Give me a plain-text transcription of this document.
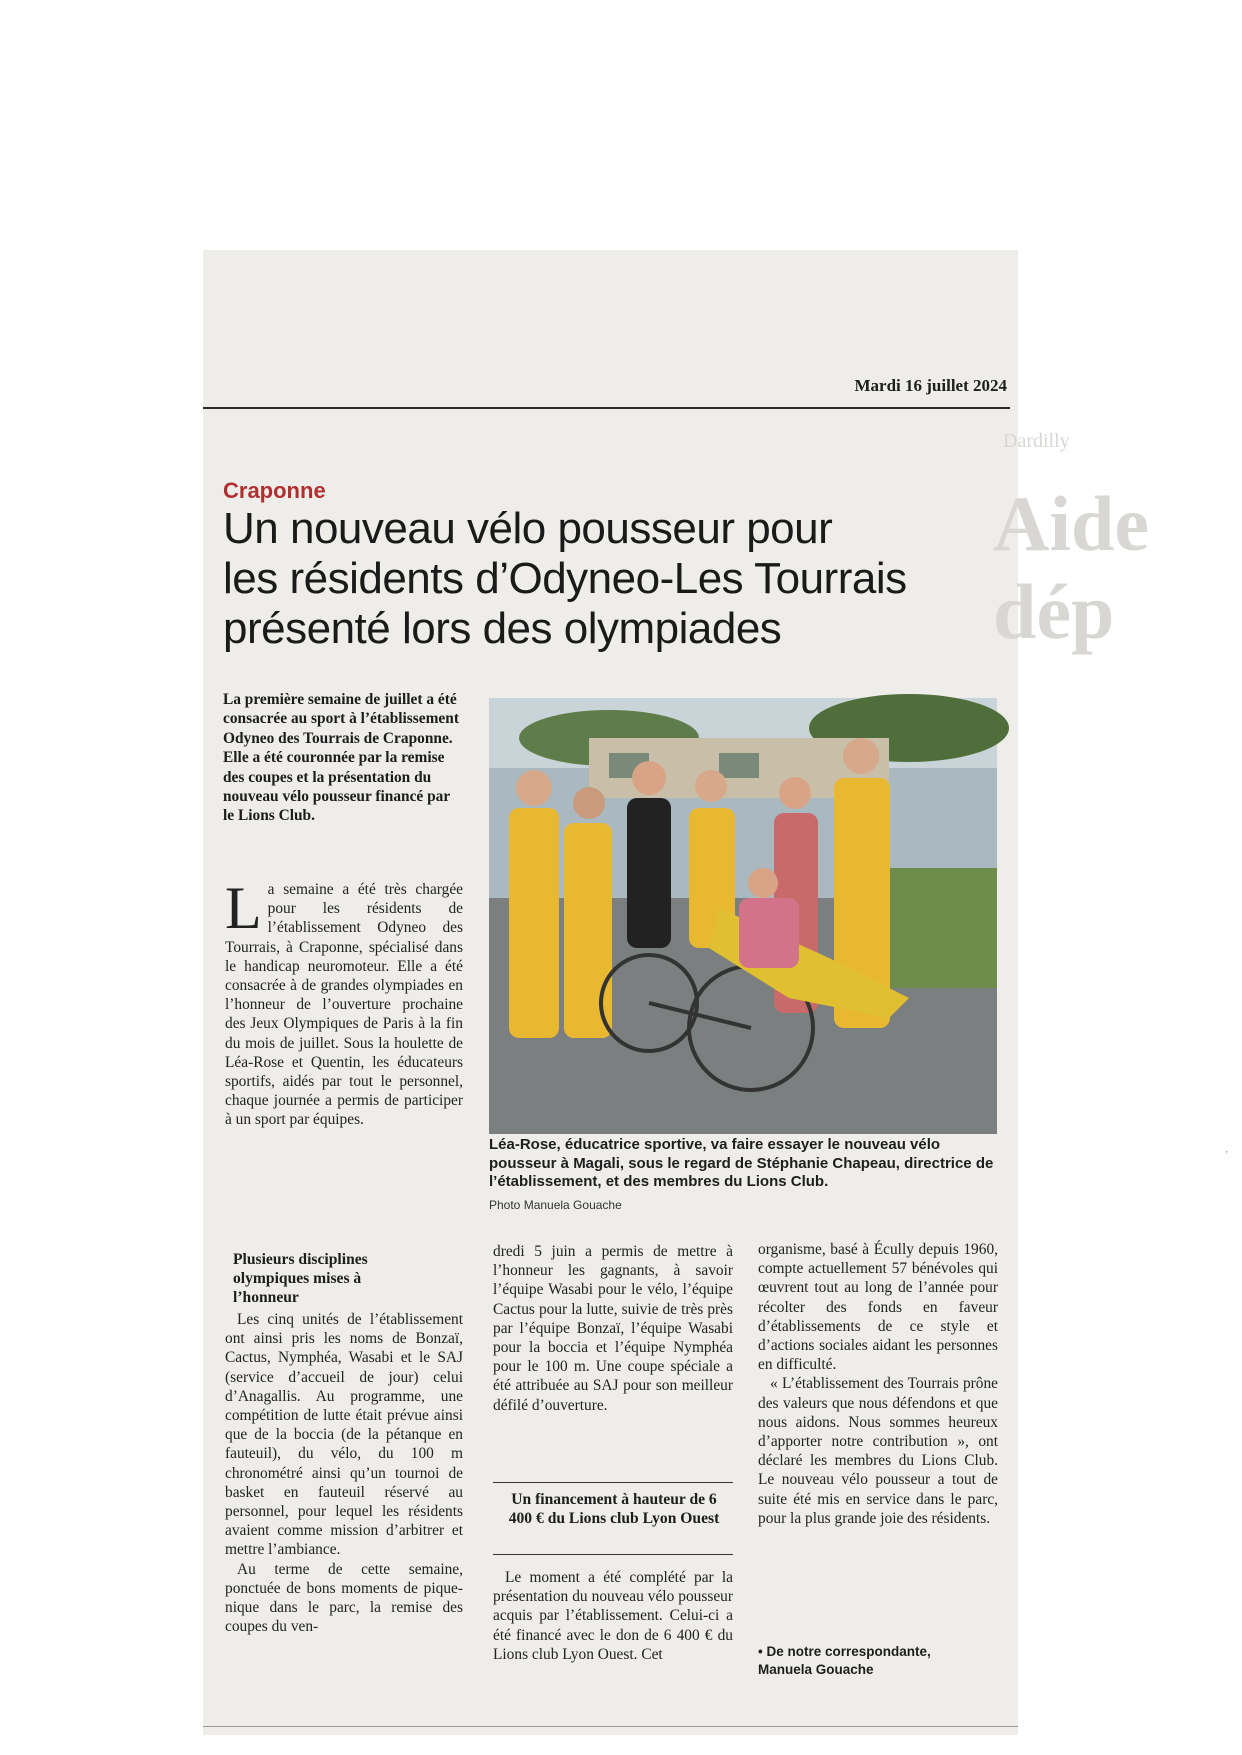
Dardilly
Aide dép
Mardi 16 juillet 2024
Craponne
Un nouveau vélo pousseur pour
les résidents d’Odyneo-Les Tourrais
présenté lors des olympiades
La première semaine de juillet a été consacrée au sport à l’établissement Odyneo des Tourrais de Craponne. Elle a été couronnée par la remise des coupes et la présentation du nouveau vélo pousseur financé par le Lions Club.

La semaine a été très chargée pour les résidents de l’établissement Odyneo des Tourrais, à Craponne, spécialisé dans le handicap neuromoteur. Elle a été consacrée à de grandes olympiades en l’honneur de l’ouverture prochaine des Jeux Olympiques de Paris à la fin du mois de juillet. Sous la houlette de Léa-Rose et Quentin, les éducateurs sportifs, aidés par tout le personnel, chaque journée a permis de participer à un sport par équipes.

Plusieurs disciplines olympiques mises à l’honneur

Les cinq unités de l’établissement ont ainsi pris les noms de Bonzaï, Cactus, Nymphéa, Wasabi et le SAJ (service d’accueil de jour) celui d’Anagallis. Au programme, une compétition de lutte était prévue ainsi que de la boccia (de la pétanque en fauteuil), du vélo, du 100 m chronométré ainsi qu’un tournoi de basket en fauteuil réservé au personnel, pour lequel les résidents avaient comme mission d’arbitrer et mettre l’ambiance.

Au terme de cette semaine, ponctuée de bons moments de pique-nique dans le parc, la remise des coupes du ven-

Léa-Rose, éducatrice sportive, va faire essayer le nouveau vélo pousseur à Magali, sous le regard de Stéphanie Chapeau, directrice de l’établissement, et des membres du Lions Club.
Photo Manuela Gouache

dredi 5 juin a permis de mettre à l’honneur les gagnants, à savoir l’équipe Wasabi pour le vélo, l’équipe Cactus pour la lutte, suivie de très près par l’équipe Bonzaï, l’équipe Wasabi pour la boccia et l’équipe Nymphéa pour le 100 m. Une coupe spéciale a été attribuée au SAJ pour son meilleur défilé d’ouverture.

Un financement à hauteur de 6 400 € du Lions club Lyon Ouest

Le moment a été complété par la présentation du nouveau vélo pousseur acquis par l’établissement. Celui-ci a été financé avec le don de 6 400 € du Lions club Lyon Ouest. Cet

organisme, basé à Écully depuis 1960, compte actuellement 57 bénévoles qui œuvrent tout au long de l’année pour récolter des fonds en faveur d’établissements de ce style et d’actions sociales aidant les personnes en difficulté.

« L’établissement des Tourrais prône des valeurs que nous défendons et que nous aidons. Nous sommes heureux d’apporter notre contribution », ont déclaré les membres du Lions Club. Le nouveau vélo pousseur a tout de suite été mis en service dans le parc, pour la plus grande joie des résidents.

• De notre correspondante,
Manuela Gouache
’
